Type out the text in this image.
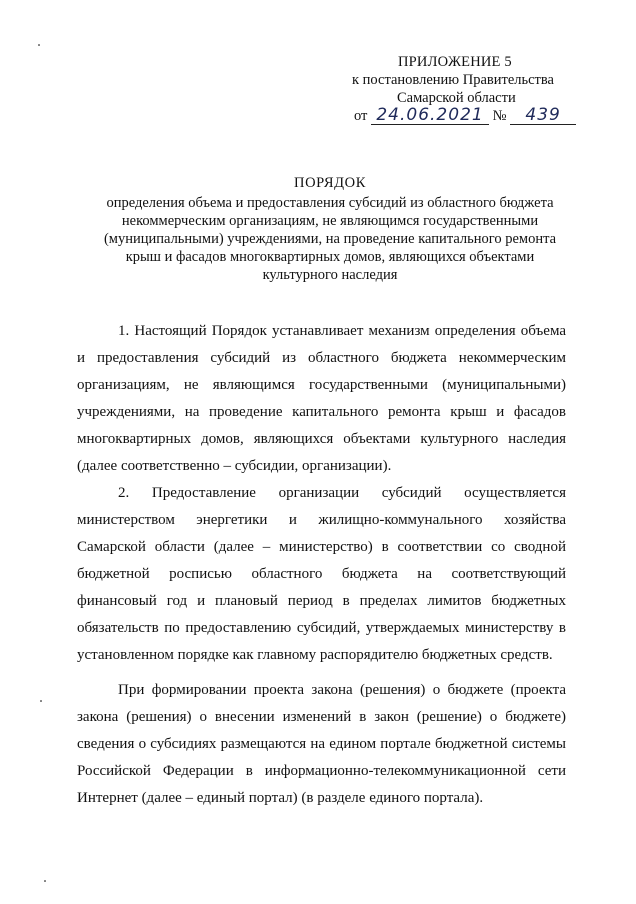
ПРИЛОЖЕНИЕ 5
к постановлению Правительства
Самарской области
от 24.06.2021 № 439
ПОРЯДОК
определения объема и предоставления субсидий из областного бюджета
некоммерческим организациям, не являющимся государственными
(муниципальными) учреждениями, на проведение капитального ремонта
крыш и фасадов многоквартирных домов, являющихся объектами
культурного наследия

1. Настоящий Порядок устанавливает механизм определения объема и предоставления субсидий из областного бюджета некоммерческим организациям, не являющимся государственными (муниципальными) учреждениями, на проведение капитального ремонта крыш и фасадов многоквартирных домов, являющихся объектами культурного наследия (далее соответственно – субсидии, организации).

2. Предоставление организации субсидий осуществляется министерством энергетики и жилищно-коммунального хозяйства Самарской области (далее – министерство) в соответствии со сводной бюджетной росписью областного бюджета на соответствующий финансовый год и плановый период в пределах лимитов бюджетных обязательств по предоставлению субсидий, утверждаемых министерству в установленном порядке как главному распорядителю бюджетных средств.

При формировании проекта закона (решения) о бюджете (проекта закона (решения) о внесении изменений в закон (решение) о бюджете) сведения о субсидиях размещаются на едином портале бюджетной системы Российской Федерации в информационно-телекоммуникационной сети Интернет (далее – единый портал) (в разделе единого портала).
